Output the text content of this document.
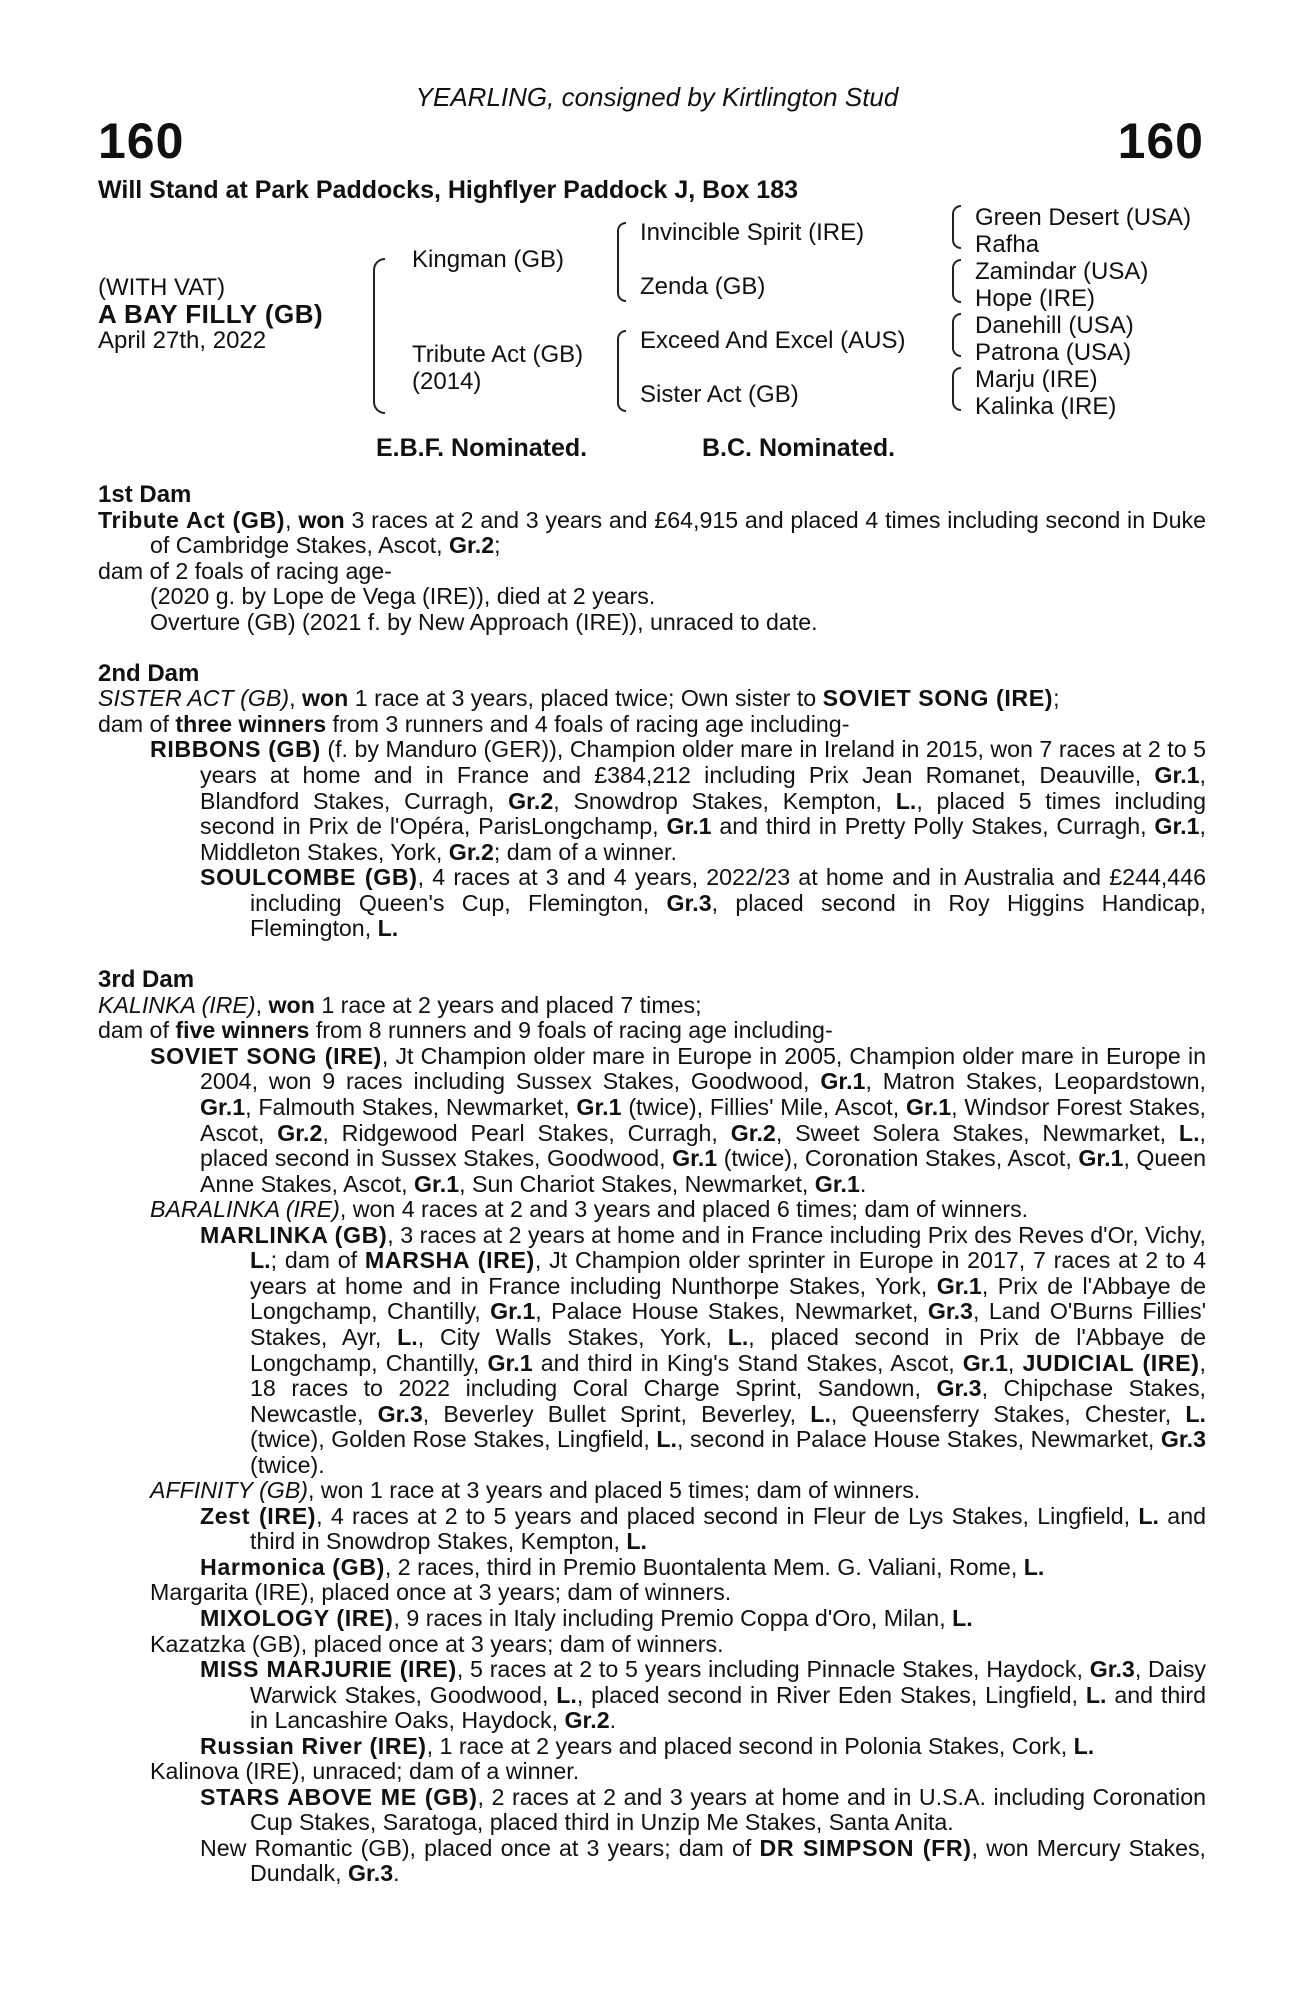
YEARLING, consigned by Kirtlington Stud
160	160
Will Stand at Park Paddocks, Highflyer Paddock J, Box 183
(WITH VAT)
A BAY FILLY (GB)
April 27th, 2022
Kingman (GB)
Tribute Act (GB)
(2014)
Invincible Spirit (IRE)
Zenda (GB)
Exceed And Excel (AUS)
Sister Act (GB)
Green Desert (USA)
Rafha
Zamindar (USA)
Hope (IRE)
Danehill (USA)
Patrona (USA)
Marju (IRE)
Kalinka (IRE)
E.B.F. Nominated.	B.C. Nominated.

1st Dam

Tribute Act (GB), won 3 races at 2 and 3 years and £64,915 and placed 4 times including second in Duke of Cambridge Stakes, Ascot, Gr.2;

dam of 2 foals of racing age-

(2020 g. by Lope de Vega (IRE)), died at 2 years.

Overture (GB) (2021 f. by New Approach (IRE)), unraced to date.

2nd Dam

SISTER ACT (GB), won 1 race at 3 years, placed twice; Own sister to SOVIET SONG (IRE);

dam of three winners from 3 runners and 4 foals of racing age including-

RIBBONS (GB) (f. by Manduro (GER)), Champion older mare in Ireland in 2015, won 7 races at 2 to 5 years at home and in France and £384,212 including Prix Jean Romanet, Deauville, Gr.1, Blandford Stakes, Curragh, Gr.2, Snowdrop Stakes, Kempton, L., placed 5 times including second in Prix de l'Opéra, ParisLongchamp, Gr.1 and third in Pretty Polly Stakes, Curragh, Gr.1, Middleton Stakes, York, Gr.2; dam of a winner.

SOULCOMBE (GB), 4 races at 3 and 4 years, 2022/23 at home and in Australia and £244,446 including Queen's Cup, Flemington, Gr.3, placed second in Roy Higgins Handicap, Flemington, L.

3rd Dam

KALINKA (IRE), won 1 race at 2 years and placed 7 times;

dam of five winners from 8 runners and 9 foals of racing age including-

SOVIET SONG (IRE), Jt Champion older mare in Europe in 2005, Champion older mare in Europe in 2004, won 9 races including Sussex Stakes, Goodwood, Gr.1, Matron Stakes, Leopardstown, Gr.1, Falmouth Stakes, Newmarket, Gr.1 (twice), Fillies' Mile, Ascot, Gr.1, Windsor Forest Stakes, Ascot, Gr.2, Ridgewood Pearl Stakes, Curragh, Gr.2, Sweet Solera Stakes, Newmarket, L., placed second in Sussex Stakes, Goodwood, Gr.1 (twice), Coronation Stakes, Ascot, Gr.1, Queen Anne Stakes, Ascot, Gr.1, Sun Chariot Stakes, Newmarket, Gr.1.

BARALINKA (IRE), won 4 races at 2 and 3 years and placed 6 times; dam of winners.

MARLINKA (GB), 3 races at 2 years at home and in France including Prix des Reves d'Or, Vichy, L.; dam of MARSHA (IRE), Jt Champion older sprinter in Europe in 2017, 7 races at 2 to 4 years at home and in France including Nunthorpe Stakes, York, Gr.1, Prix de l'Abbaye de Longchamp, Chantilly, Gr.1, Palace House Stakes, Newmarket, Gr.3, Land O'Burns Fillies' Stakes, Ayr, L., City Walls Stakes, York, L., placed second in Prix de l'Abbaye de Longchamp, Chantilly, Gr.1 and third in King's Stand Stakes, Ascot, Gr.1, JUDICIAL (IRE), 18 races to 2022 including Coral Charge Sprint, Sandown, Gr.3, Chipchase Stakes, Newcastle, Gr.3, Beverley Bullet Sprint, Beverley, L., Queensferry Stakes, Chester, L. (twice), Golden Rose Stakes, Lingfield, L., second in Palace House Stakes, Newmarket, Gr.3 (twice).

AFFINITY (GB), won 1 race at 3 years and placed 5 times; dam of winners.

Zest (IRE), 4 races at 2 to 5 years and placed second in Fleur de Lys Stakes, Lingfield, L. and third in Snowdrop Stakes, Kempton, L.

Harmonica (GB), 2 races, third in Premio Buontalenta Mem. G. Valiani, Rome, L.

Margarita (IRE), placed once at 3 years; dam of winners.

MIXOLOGY (IRE), 9 races in Italy including Premio Coppa d'Oro, Milan, L.

Kazatzka (GB), placed once at 3 years; dam of winners.

MISS MARJURIE (IRE), 5 races at 2 to 5 years including Pinnacle Stakes, Haydock, Gr.3, Daisy Warwick Stakes, Goodwood, L., placed second in River Eden Stakes, Lingfield, L. and third in Lancashire Oaks, Haydock, Gr.2.

Russian River (IRE), 1 race at 2 years and placed second in Polonia Stakes, Cork, L.

Kalinova (IRE), unraced; dam of a winner.

STARS ABOVE ME (GB), 2 races at 2 and 3 years at home and in U.S.A. including Coronation Cup Stakes, Saratoga, placed third in Unzip Me Stakes, Santa Anita.

New Romantic (GB), placed once at 3 years; dam of DR SIMPSON (FR), won Mercury Stakes, Dundalk, Gr.3.
